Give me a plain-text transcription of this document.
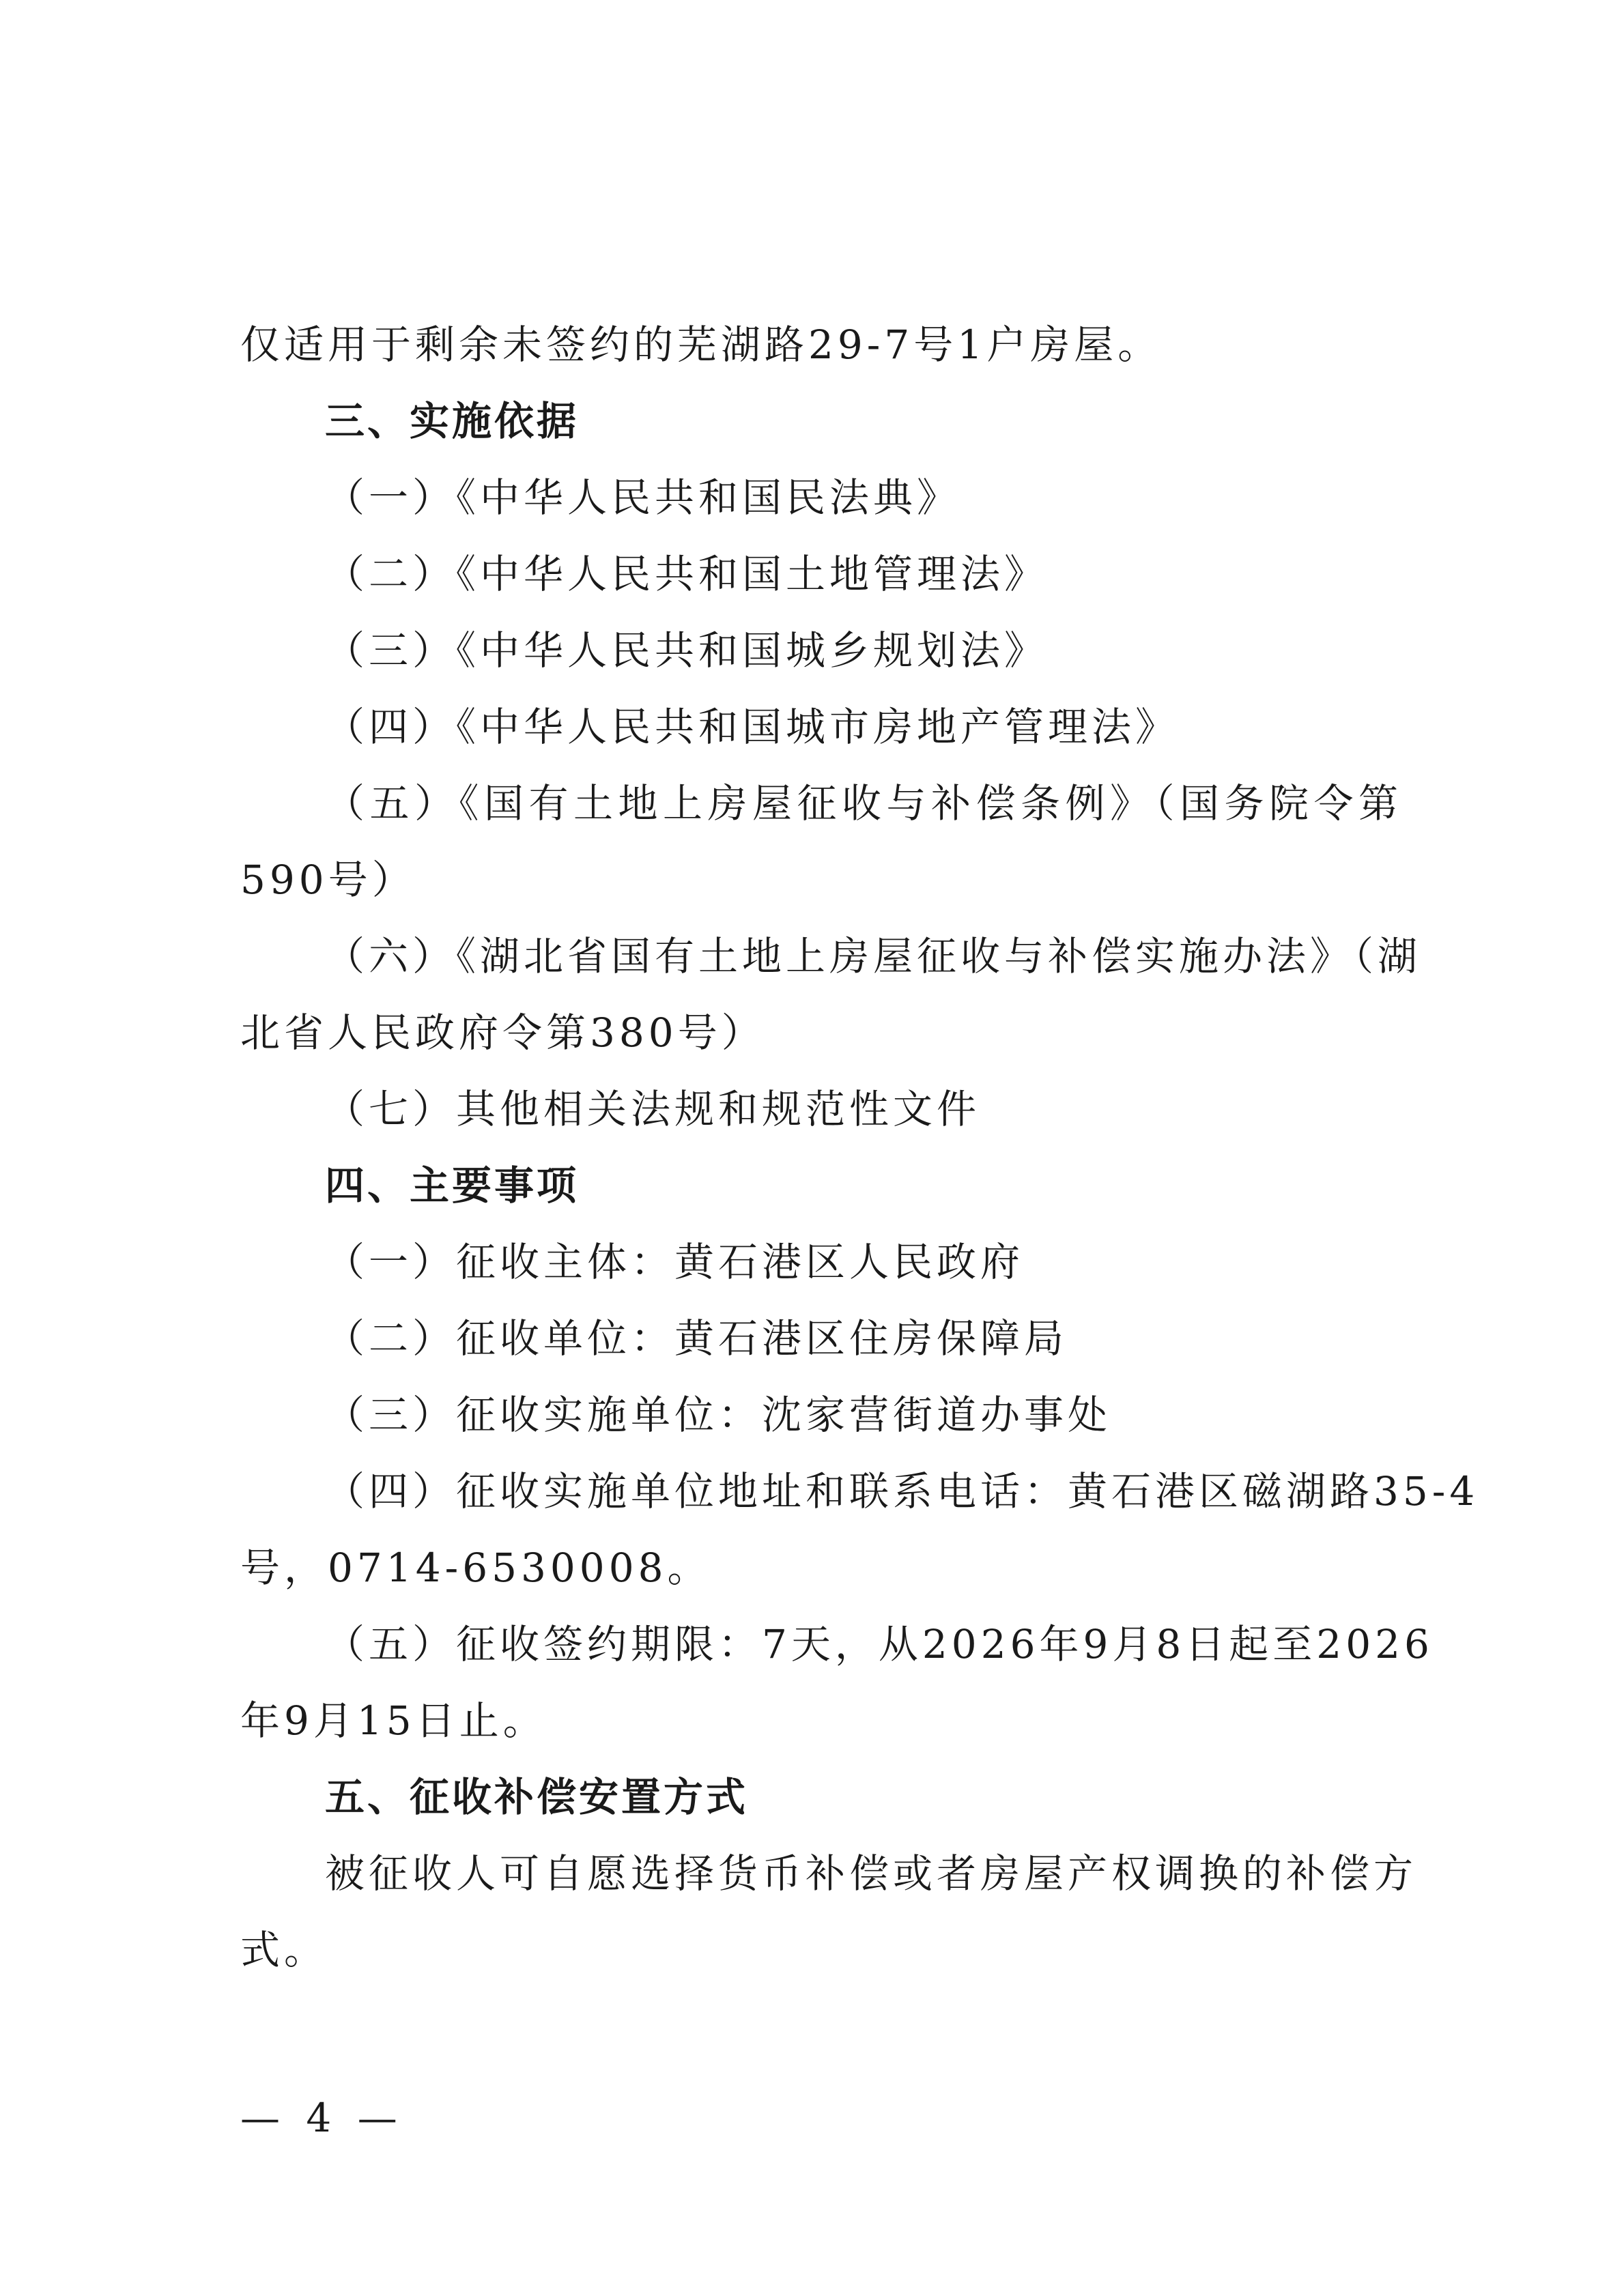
仅适用于剩余未签约的芜湖路29-7号1户房屋。
三、实施依据
（一）《中华人民共和国民法典》
（二）《中华人民共和国土地管理法》
（三）《中华人民共和国城乡规划法》
（四）《中华人民共和国城市房地产管理法》
（五）《国有土地上房屋征收与补偿条例》（国务院令第
590号）
（六）《湖北省国有土地上房屋征收与补偿实施办法》（湖
北省人民政府令第380号）
（七）其他相关法规和规范性文件
四、主要事项
（一）征收主体：黄石港区人民政府
（二）征收单位：黄石港区住房保障局
（三）征收实施单位：沈家营街道办事处
（四）征收实施单位地址和联系电话：黄石港区磁湖路35-4
号，0714-6530008。
（五）征收签约期限：7天，从2026年9月8日起至2026
年9月15日止。
五、征收补偿安置方式
被征收人可自愿选择货币补偿或者房屋产权调换的补偿方
式。
— 4 —
